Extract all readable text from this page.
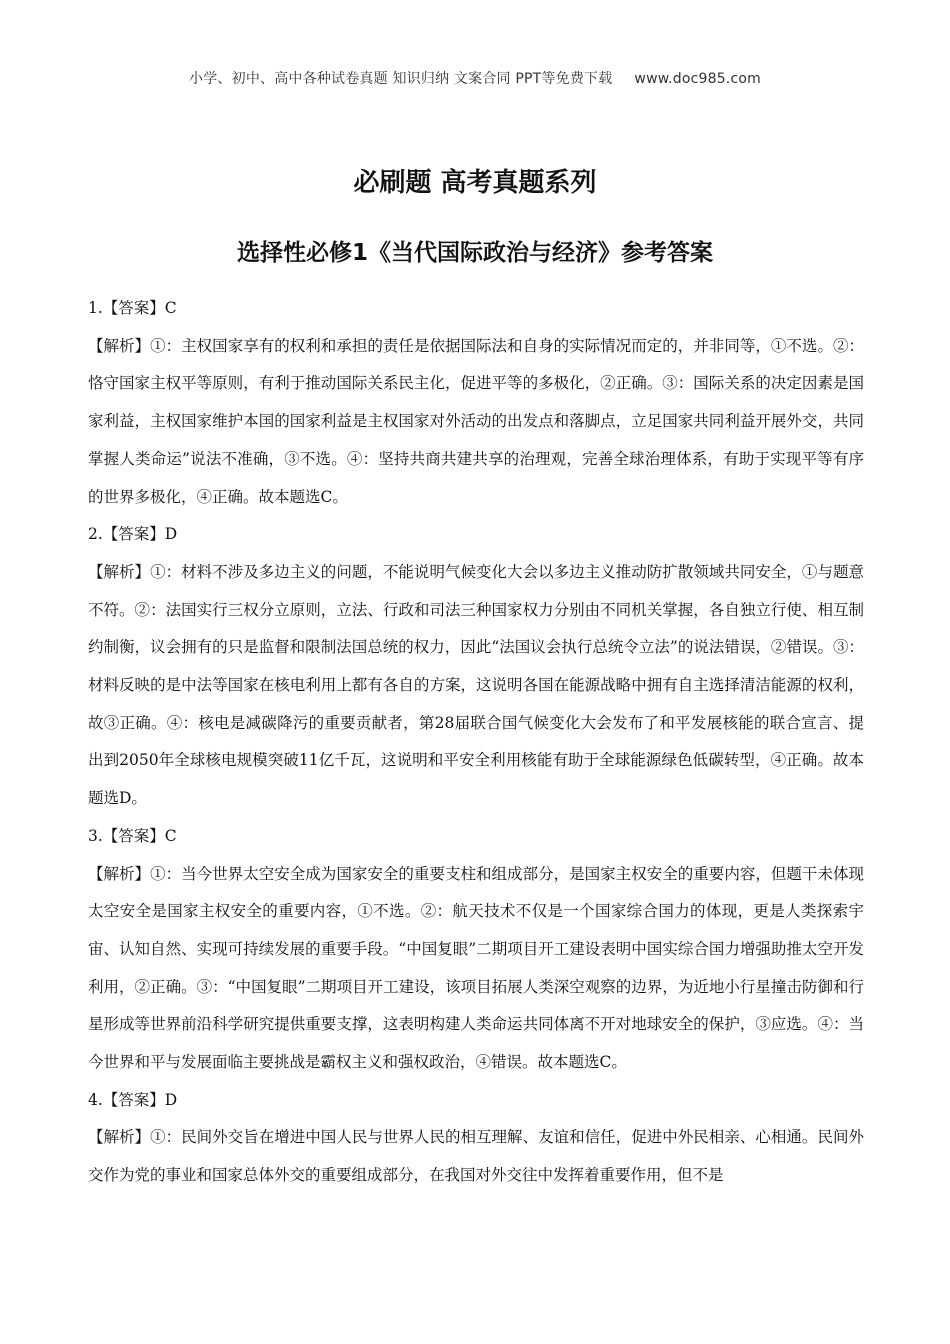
小学、初中、高中各种试卷真题 知识归纳 文案合同 PPT等免费下载 www.doc985.com
必刷题 高考真题系列
选择性必修1《当代国际政治与经济》参考答案

1.【答案】C

【解析】①：主权国家享有的权利和承担的责任是依据国际法和自身的实际情况而定的，并非同等，①不选。②：恪守国家主权平等原则，有利于推动国际关系民主化，促进平等的多极化，②正确。③：国际关系的决定因素是国家利益，主权国家维护本国的国家利益是主权国家对外活动的出发点和落脚点，立足国家共同利益开展外交，共同掌握人类命运”说法不准确，③不选。④：坚持共商共建共享的治理观，完善全球治理体系，有助于实现平等有序的世界多极化，④正确。故本题选C。

2.【答案】D

【解析】①：材料不涉及多边主义的问题，不能说明气候变化大会以多边主义推动防扩散领域共同安全，①与题意不符。②：法国实行三权分立原则，立法、行政和司法三种国家权力分别由不同机关掌握，各自独立行使、相互制约制衡，议会拥有的只是监督和限制法国总统的权力，因此“法国议会执行总统令立法”的说法错误，②错误。③：材料反映的是中法等国家在核电利用上都有各自的方案，这说明各国在能源战略中拥有自主选择清洁能源的权利，故③正确。④：核电是减碳降污的重要贡献者，第28届联合国气候变化大会发布了和平发展核能的联合宣言、提出到2050年全球核电规模突破11亿千瓦，这说明和平安全利用核能有助于全球能源绿色低碳转型，④正确。故本题选D。

3.【答案】C

【解析】①：当今世界太空安全成为国家安全的重要支柱和组成部分，是国家主权安全的重要内容，但题干未体现太空安全是国家主权安全的重要内容，①不选。②：航天技术不仅是一个国家综合国力的体现，更是人类探索宇宙、认知自然、实现可持续发展的重要手段。“中国复眼”二期项目开工建设表明中国实综合国力增强助推太空开发利用，②正确。③：“中国复眼”二期项目开工建设，该项目拓展人类深空观察的边界，为近地小行星撞击防御和行星形成等世界前沿科学研究提供重要支撑，这表明构建人类命运共同体离不开对地球安全的保护，③应选。④：当今世界和平与发展面临主要挑战是霸权主义和强权政治，④错误。故本题选C。

4.【答案】D

【解析】①：民间外交旨在增进中国人民与世界人民的相互理解、友谊和信任，促进中外民相亲、心相通。民间外交作为党的事业和国家总体外交的重要组成部分，在我国对外交往中发挥着重要作用，但不是
